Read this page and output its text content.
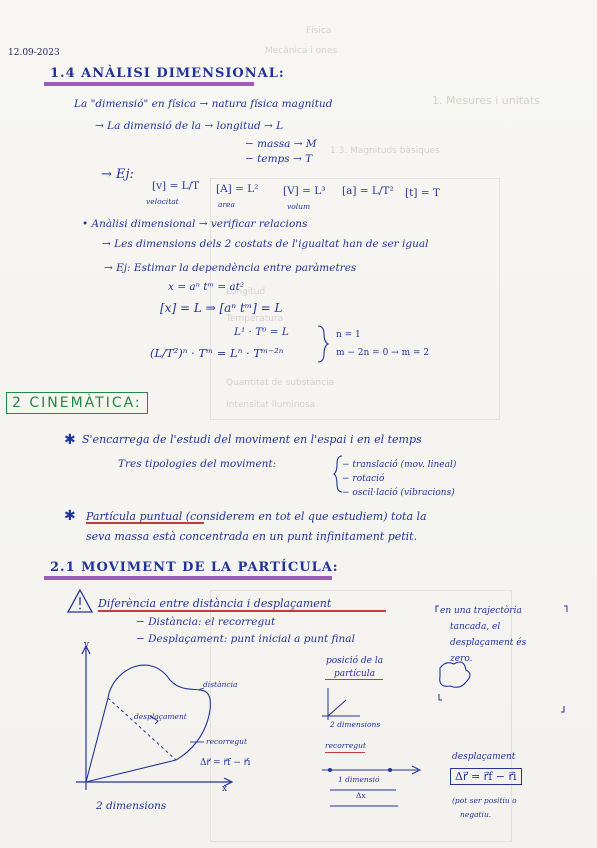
Física
Mecànica i ones
1. Mesures i unitats
1.3. Magnituds bàsiques
Longitud
Temperatura
Quantitat de substància
Intensitat lluminosa
12.09-2023
1.4 ANÀLISI DIMENSIONAL:
La "dimensió" en física → natura física magnitud
→ La dimensió de la → longitud → L
− massa → M
− temps → T
→ Ej:
[v] = L/T
velocitat
[A] = L²
area
[V] = L³
volum
[a] = L/T² [t] = T
• Anàlisi dimensional → verificar relacions
→ Les dimensions dels 2 costats de l'igualtat han de ser igual
→ Ej: Estimar la dependència entre paràmetres
x = aⁿ tᵐ = at²
[x] = L ⇒ [aⁿ tᵐ] = L
L¹ · T⁰ = L
(L/T²)ⁿ · Tᵐ = Lⁿ · Tᵐ⁻²ⁿ
n = 1
m − 2n = 0 → m = 2
2 CINEMÀTICA:
✱ S'encarrega de l'estudi del moviment en l'espai i en el temps
Tres tipologies del moviment:	− translació (mov. lineal)
− rotació
− oscil·lació (vibracions)
✱ Partícula puntual (considerem en tot el que estudiem) tota la
seva massa està concentrada en un punt infinitament petit.
2.1 MOVIMENT DE LA PARTÍCULA:
Diferència entre distància i desplaçament
− Distància: el recorregut
− Desplaçament: punt inicial a punt final
en una trajectòria
tancada, el
desplaçament és
zero.
y
x
distància
desplaçament
recorregut
Δr⃗ = r⃗f − r⃗i
2 dimensions
posició de la
partícula
2 dimensions
recorregut
1 dimensió
Δx
desplaçament
Δr⃗ = r⃗f − r⃗i
(pot ser positiu o
negatiu.
